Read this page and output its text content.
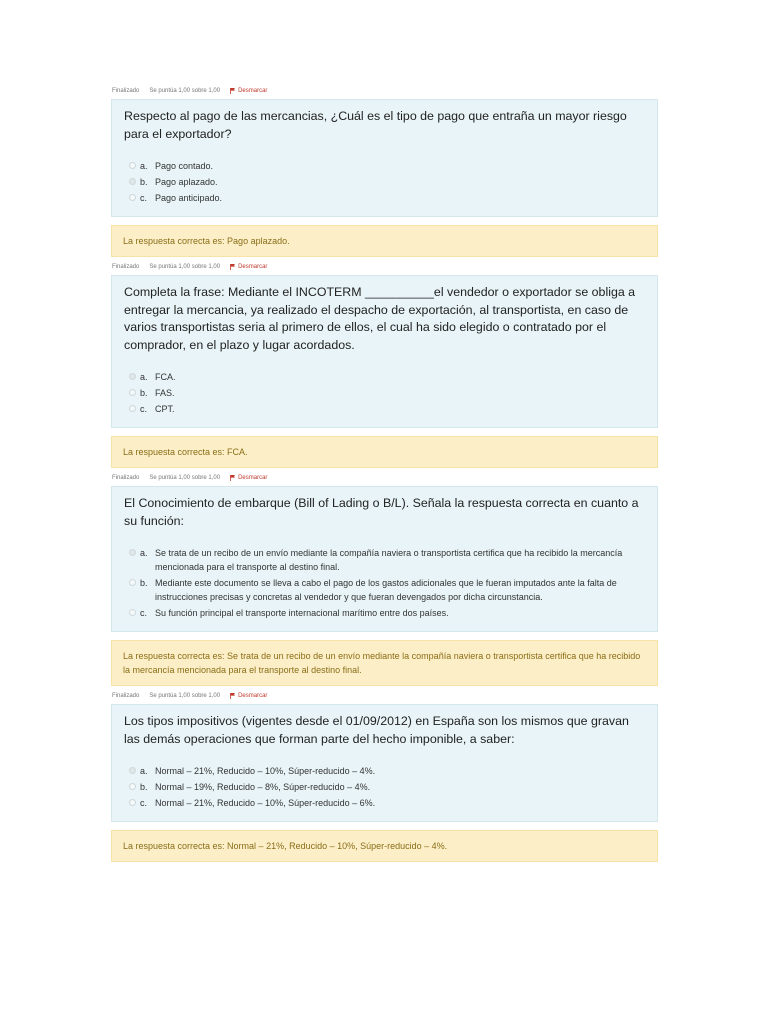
Finalizado Se puntúa 1,00 sobre 1,00	Desmarcar

Respecto al pago de las mercancias, ¿Cuál es el tipo de pago que entraña un mayor riesgo para el exportador?

a. Pago contado.
b. Pago aplazado.
c. Pago anticipado.
La respuesta correcta es: Pago aplazado.
Finalizado Se puntúa 1,00 sobre 1,00	Desmarcar

Completa la frase: Mediante el INCOTERM __________el vendedor o exportador se obliga a entregar la mercancia, ya realizado el despacho de exportación, al transportista, en caso de varios transportistas seria al primero de ellos, el cual ha sido elegido o contratado por el comprador, en el plazo y lugar acordados.

a. FCA.
b. FAS.
c. CPT.
La respuesta correcta es: FCA.
Finalizado Se puntúa 1,00 sobre 1,00	Desmarcar

El Conocimiento de embarque (Bill of Lading o B/L). Señala la respuesta correcta en cuanto a su función:

a. Se trata de un recibo de un envío mediante la compañía naviera o transportista certifica que ha recibido la mercancía mencionada para el transporte al destino final.
b. Mediante este documento se lleva a cabo el pago de los gastos adicionales que le fueran imputados ante la falta de instrucciones precisas y concretas al vendedor y que fueran devengados por dicha circunstancia.
c. Su función principal el transporte internacional marítimo entre dos países.
La respuesta correcta es: Se trata de un recibo de un envío mediante la compañía naviera o transportista certifica que ha recibido la mercancía mencionada para el transporte al destino final.
Finalizado Se puntúa 1,00 sobre 1,00	Desmarcar

Los tipos impositivos (vigentes desde el 01/09/2012) en España son los mismos que gravan las demás operaciones que forman parte del hecho imponible, a saber:

a. Normal – 21%, Reducido – 10%, Súper-reducido – 4%.
b. Normal – 19%, Reducido – 8%, Súper-reducido – 4%.
c. Normal – 21%, Reducido – 10%, Súper-reducido – 6%.
La respuesta correcta es: Normal – 21%, Reducido – 10%, Súper-reducido – 4%.
